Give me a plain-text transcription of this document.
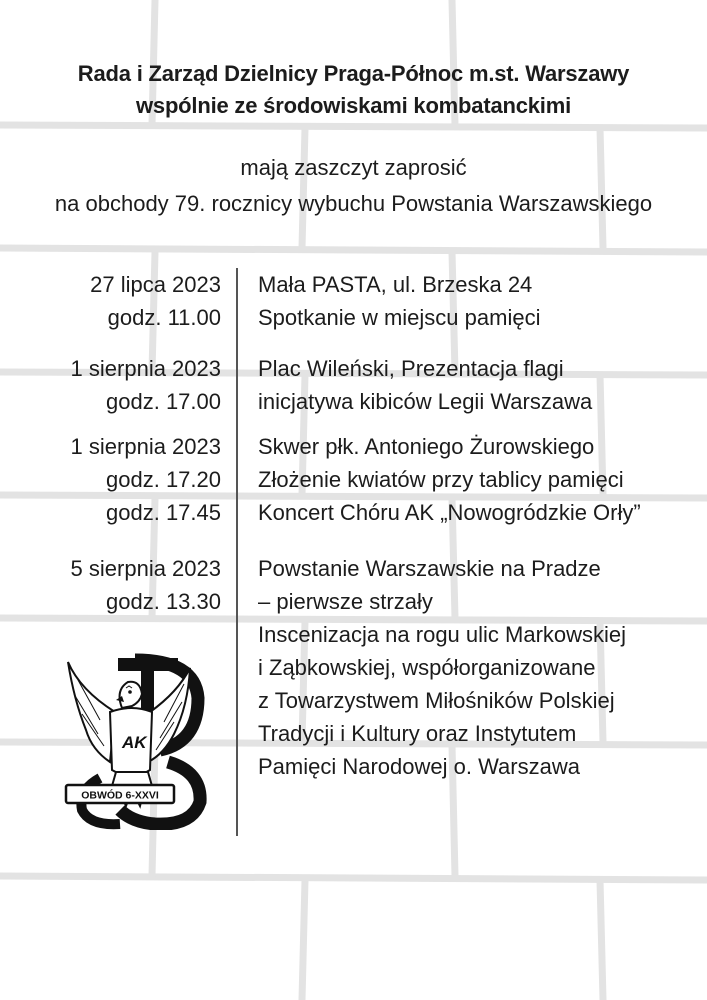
Rada i Zarząd Dzielnicy Praga-Północ m.st. Warszawy
wspólnie ze środowiskami kombatanckimi
mają zaszczyt zaprosić
na obchody 79. rocznicy wybuchu Powstania Warszawskiego
27 lipca 2023
godz. 11.00
Mała PASTA, ul. Brzeska 24
Spotkanie w miejscu pamięci
1 sierpnia 2023
godz. 17.00
Plac Wileński, Prezentacja flagi
inicjatywa kibiców Legii Warszawa
1 sierpnia 2023
godz. 17.20
godz. 17.45
Skwer płk. Antoniego Żurowskiego
Złożenie kwiatów przy tablicy pamięci
Koncert Chóru AK „Nowogródzkie Orły”
5 sierpnia 2023
godz. 13.30
Powstanie Warszawskie na Pradze
– pierwsze strzały
Inscenizacja na rogu ulic Markowskiej
i Ząbkowskiej, współorganizowane
z Towarzystwem Miłośników Polskiej
Tradycji i Kultury oraz Instytutem
Pamięci Narodowej o. Warszawa
AK
OBWÓD 6-XXVI
